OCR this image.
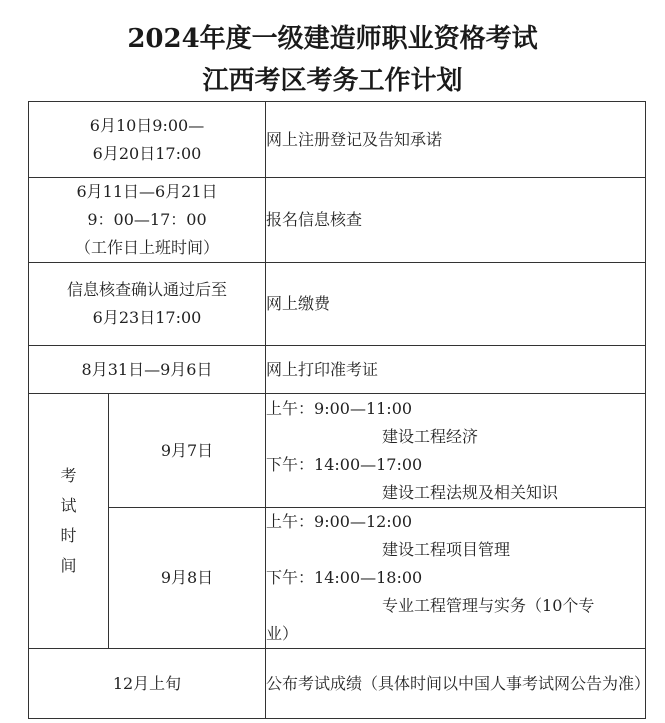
2024年度一级建造师职业资格考试
江西考区考务工作计划
6月10日9:00—
6月20日17:00		网上注册登记及告知承诺

6月11日—6月21日
9：00—17：00
（工作日上班时间）		报名信息核查

信息核查确认通过后至
6月23日17:00		网上缴费

8月31日—9月6日		网上打印准考证
考试时间	9月7日	上午：9:00—11:00
建设工程经济
下午：14:00—17:00
建设工程法规及相关知识

	9月8日	上午：9:00—12:00
建设工程项目管理
下午：14:00—18:00
专业工程管理与实务（10个专
业）

12月上旬		公布考试成绩（具体时间以中国人事考试网公告为准）
